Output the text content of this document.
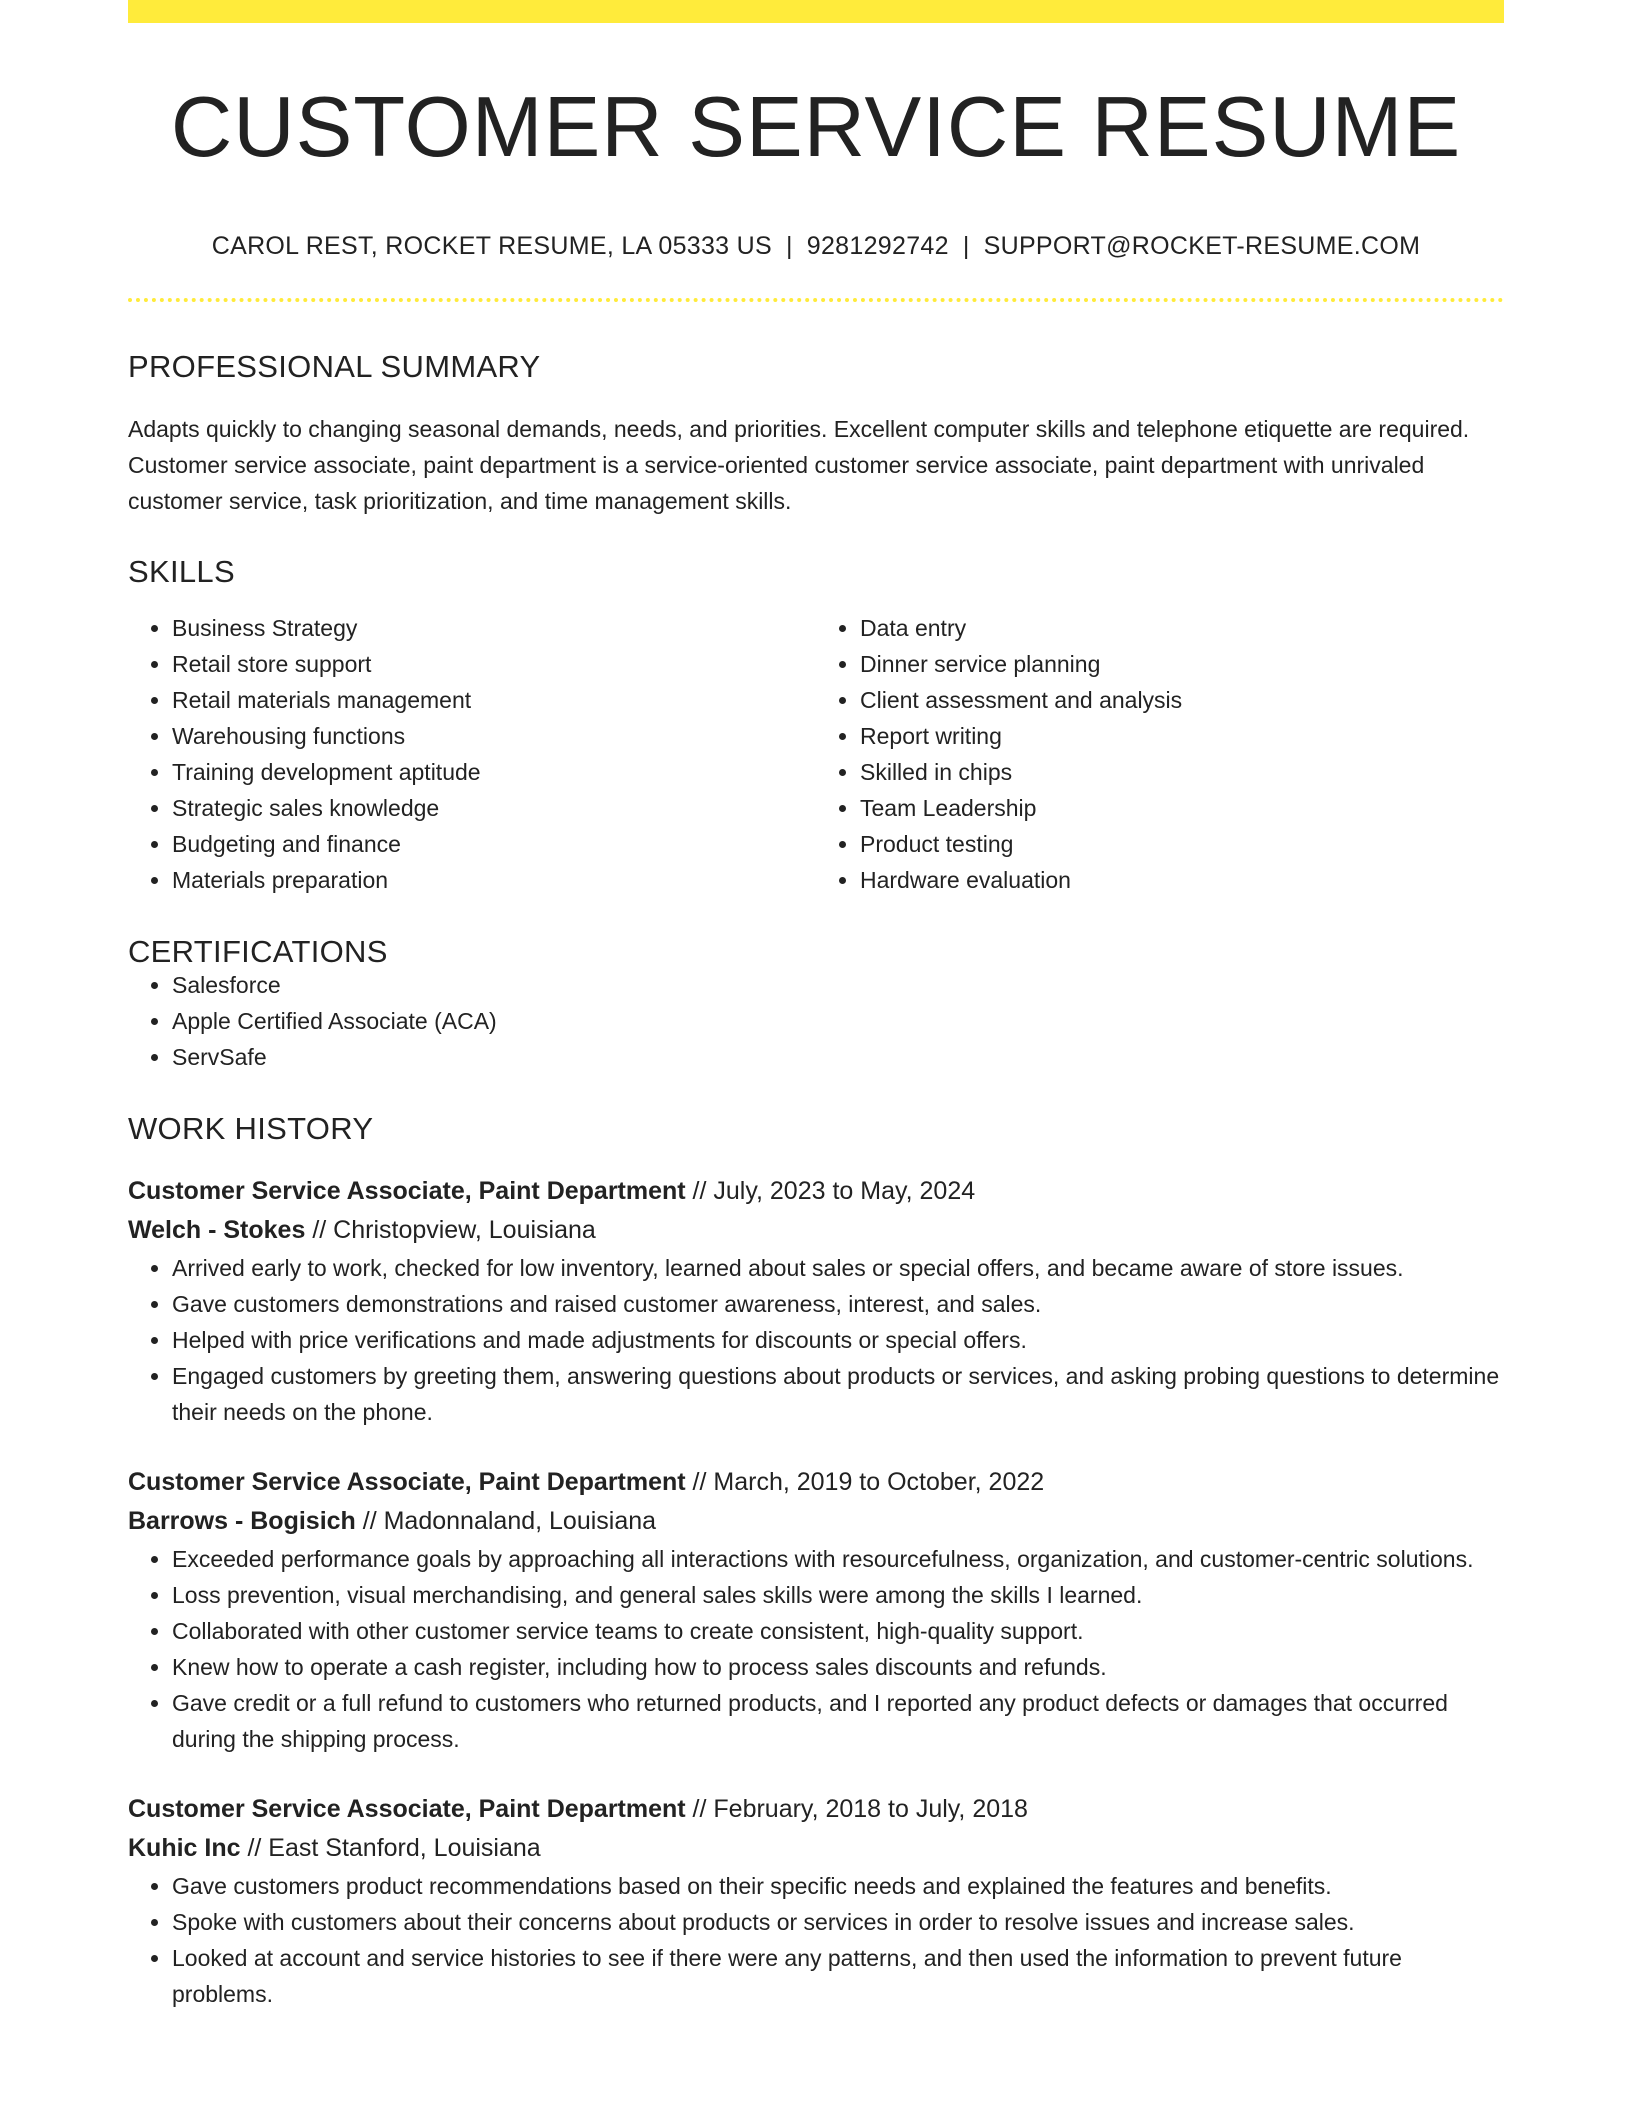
CUSTOMER SERVICE RESUME
CAROL REST, ROCKET RESUME, LA 05333 US | 9281292742 | SUPPORT@ROCKET-RESUME.COM
PROFESSIONAL SUMMARY

Adapts quickly to changing seasonal demands, needs, and priorities. Excellent computer skills and telephone etiquette are required. Customer service associate, paint department is a service-oriented customer service associate, paint department with unrivaled customer service, task prioritization, and time management skills.

SKILLS
• Business Strategy
• Retail store support
• Retail materials management
• Warehousing functions
• Training development aptitude
• Strategic sales knowledge
• Budgeting and finance
• Materials preparation
• Data entry
• Dinner service planning
• Client assessment and analysis
• Report writing
• Skilled in chips
• Team Leadership
• Product testing
• Hardware evaluation
CERTIFICATIONS
• Salesforce
• Apple Certified Associate (ACA)
• ServSafe
WORK HISTORY
Customer Service Associate, Paint Department // July, 2023 to May, 2024
Welch - Stokes // Christopview, Louisiana
• Arrived early to work, checked for low inventory, learned about sales or special offers, and became aware of store issues.
• Gave customers demonstrations and raised customer awareness, interest, and sales.
• Helped with price verifications and made adjustments for discounts or special offers.
• Engaged customers by greeting them, answering questions about products or services, and asking probing questions to determine their needs on the phone.
Customer Service Associate, Paint Department // March, 2019 to October, 2022
Barrows - Bogisich // Madonnaland, Louisiana
• Exceeded performance goals by approaching all interactions with resourcefulness, organization, and customer-centric solutions.
• Loss prevention, visual merchandising, and general sales skills were among the skills I learned.
• Collaborated with other customer service teams to create consistent, high-quality support.
• Knew how to operate a cash register, including how to process sales discounts and refunds.
• Gave credit or a full refund to customers who returned products, and I reported any product defects or damages that occurred during the shipping process.
Customer Service Associate, Paint Department // February, 2018 to July, 2018
Kuhic Inc // East Stanford, Louisiana
• Gave customers product recommendations based on their specific needs and explained the features and benefits.
• Spoke with customers about their concerns about products or services in order to resolve issues and increase sales.
• Looked at account and service histories to see if there were any patterns, and then used the information to prevent future problems.
